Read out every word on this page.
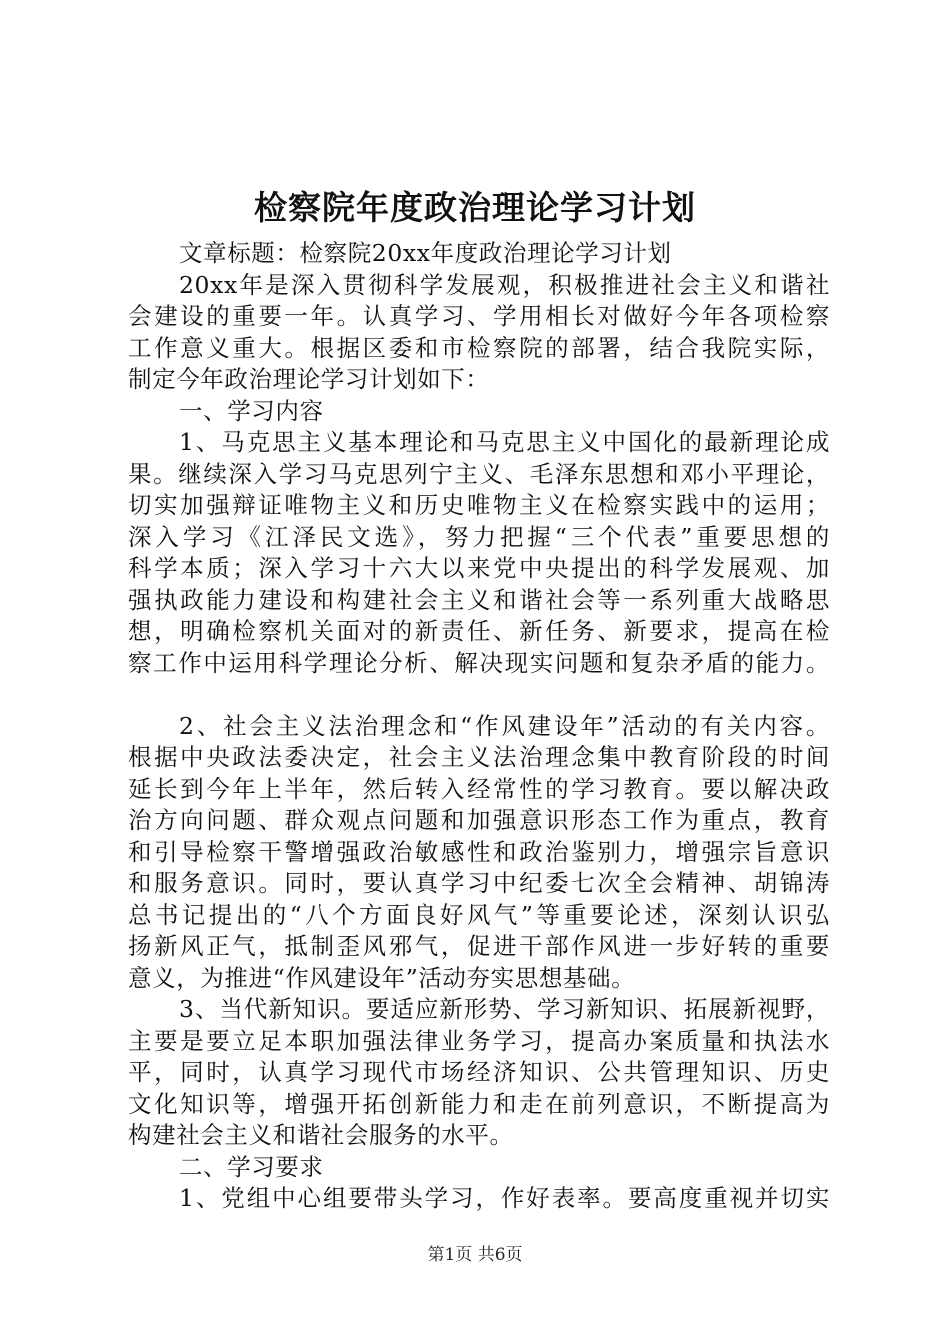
检察院年度政治理论学习计划
文章标题：检察院20xx年度政治理论学习计划
20xx年是深入贯彻科学发展观，积极推进社会主义和谐社
会建设的重要一年。认真学习、学用相长对做好今年各项检察
工作意义重大。根据区委和市检察院的部署，结合我院实际，
制定今年政治理论学习计划如下：
一、学习内容
1、马克思主义基本理论和马克思主义中国化的最新理论成
果。继续深入学习马克思列宁主义、毛泽东思想和邓小平理论，
切实加强辩证唯物主义和历史唯物主义在检察实践中的运用；
深入学习《江泽民文选》，努力把握“三个代表”重要思想的
科学本质；深入学习十六大以来党中央提出的科学发展观、加
强执政能力建设和构建社会主义和谐社会等一系列重大战略思
想，明确检察机关面对的新责任、新任务、新要求，提高在检
察工作中运用科学理论分析、解决现实问题和复杂矛盾的能力。
2、社会主义法治理念和“作风建设年”活动的有关内容。
根据中央政法委决定，社会主义法治理念集中教育阶段的时间
延长到今年上半年，然后转入经常性的学习教育。要以解决政
治方向问题、群众观点问题和加强意识形态工作为重点，教育
和引导检察干警增强政治敏感性和政治鉴别力，增强宗旨意识
和服务意识。同时，要认真学习中纪委七次全会精神、胡锦涛
总书记提出的“八个方面良好风气”等重要论述，深刻认识弘
扬新风正气，抵制歪风邪气，促进干部作风进一步好转的重要
意义，为推进“作风建设年”活动夯实思想基础。
3、当代新知识。要适应新形势、学习新知识、拓展新视野，
主要是要立足本职加强法律业务学习，提高办案质量和执法水
平，同时，认真学习现代市场经济知识、公共管理知识、历史
文化知识等，增强开拓创新能力和走在前列意识，不断提高为
构建社会主义和谐社会服务的水平。
二、学习要求
1、党组中心组要带头学习，作好表率。要高度重视并切实
第1页 共6页
